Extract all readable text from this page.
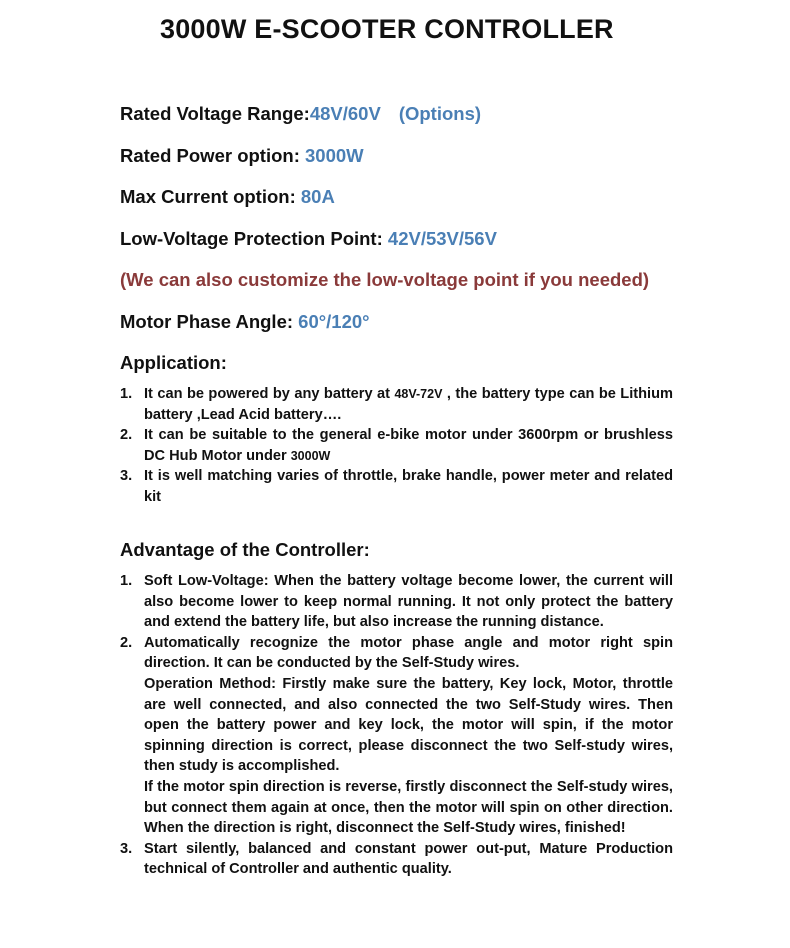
3000W E-SCOOTER CONTROLLER
Rated Voltage Range:48V/60V (Options)
Rated Power option: 3000W
Max Current option: 80A
Low-Voltage Protection Point: 42V/53V/56V
(We can also customize the low-voltage point if you needed)
Motor Phase Angle: 60°/120°
Application:
1. It can be powered by any battery at 48V-72V , the battery type can be Lithium battery ,Lead Acid battery….
2. It can be suitable to the general e-bike motor under 3600rpm or brushless DC Hub Motor under 3000W
3. It is well matching varies of throttle, brake handle, power meter and related kit
Advantage of the Controller:
1. Soft Low-Voltage: When the battery voltage become lower, the current will also become lower to keep normal running. It not only protect the battery and extend the battery life, but also increase the running distance.
2. Automatically recognize the motor phase angle and motor right spin direction. It can be conducted by the Self-Study wires.
Operation Method: Firstly make sure the battery, Key lock, Motor, throttle are well connected, and also connected the two Self-Study wires. Then open the battery power and key lock, the motor will spin, if the motor spinning direction is correct, please disconnect the two Self-study wires, then study is accomplished.
If the motor spin direction is reverse, firstly disconnect the Self-study wires, but connect them again at once, then the motor will spin on other direction. When the direction is right, disconnect the Self-Study wires, finished!
3. Start silently, balanced and constant power out-put, Mature Production technical of Controller and authentic quality.
